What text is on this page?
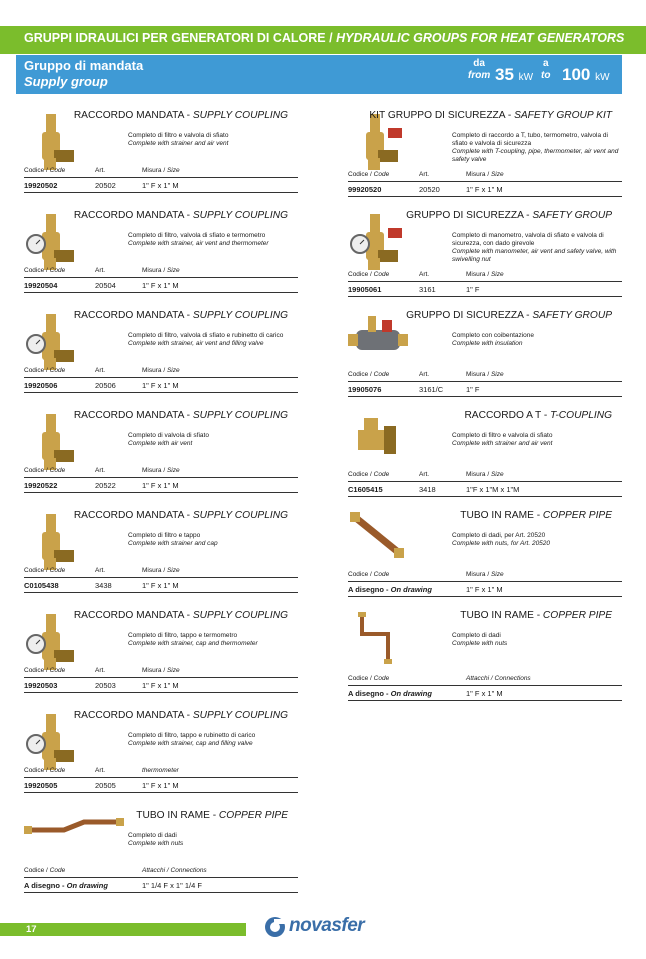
GRUPPI IDRAULICI PER GENERATORI DI CALORE / HYDRAULIC GROUPS FOR HEAT GENERATORS
Gruppo di mandata
Supply group
da
from 35 kW
a
to 100 kW
RACCORDO MANDATA - SUPPLY COUPLING
Completo di filtro e valvola di sfiato
Complete with strainer and air vent
Codice / Code	Art.	Misura / Size
19920502	20502	1" F x 1" M
RACCORDO MANDATA - SUPPLY COUPLING
Completo di filtro, valvola di sfiato e termometro
Complete with strainer, air vent and thermometer
Codice / Code	Art.	Misura / Size
19920504	20504	1" F x 1" M
RACCORDO MANDATA - SUPPLY COUPLING
Completo di filtro, valvola di sfiato e rubinetto di carico
Complete with strainer, air vent and filling valve
Codice / Code	Art.	Misura / Size
19920506	20506	1" F x 1" M
RACCORDO MANDATA - SUPPLY COUPLING
Completo di valvola di sfiato
Complete with air vent
Codice / Code	Art.	Misura / Size
19920522	20522	1" F x 1" M
RACCORDO MANDATA - SUPPLY COUPLING
Completo di filtro e tappo
Complete with strainer and cap
Codice / Code	Art.	Misura / Size
C0105438	3438	1" F x 1" M
RACCORDO MANDATA - SUPPLY COUPLING
Completo di filtro, tappo e termometro
Complete with strainer, cap and thermometer
Codice / Code	Art.	Misura / Size
19920503	20503	1" F x 1" M
RACCORDO MANDATA - SUPPLY COUPLING
Completo di filtro, tappo e rubinetto di carico
Complete with strainer, cap and filling valve
Codice / Code	Art.	thermometer
19920505	20505	1" F x 1" M
TUBO IN RAME - COPPER PIPE
Completo di dadi
Complete with nuts
Codice / Code	Attacchi / Connections
A disegno - On drawing	1" 1/4 F x 1" 1/4 F
KIT GRUPPO DI SICUREZZA - SAFETY GROUP KIT
Completo di raccordo a T, tubo, termometro, valvola di sfiato e valvola di sicurezza
Complete with T-coupling, pipe, thermometer, air vent and safety valve
Codice / Code	Art.	Misura / Size
99920520	20520	1" F x 1" M
GRUPPO DI SICUREZZA - SAFETY GROUP
Completo di manometro, valvola di sfiato e valvola di sicurezza, con dado girevole
Complete with manometer, air vent and safety valve, with swivelling nut
Codice / Code	Art.	Misura / Size
19905061	3161	1" F
GRUPPO DI SICUREZZA - SAFETY GROUP
Completo con coibentazione
Complete with insulation
Codice / Code	Art.	Misura / Size
19905076	3161/C	1" F
RACCORDO A T - T-COUPLING
Completo di filtro e valvola di sfiato
Complete with strainer and air vent
Codice / Code	Art.	Misura / Size
C1605415	3418	1"F x 1"M x 1"M
TUBO IN RAME - COPPER PIPE
Completo di dadi, per Art. 20520
Complete with nuts, for Art. 20520
Codice / Code	Misura / Size
A disegno - On drawing	1" F x 1" M
TUBO IN RAME - COPPER PIPE
Completo di dadi
Complete with nuts
Codice / Code	Attacchi / Connections
A disegno - On drawing	1" F x 1" M
17	novasfer
